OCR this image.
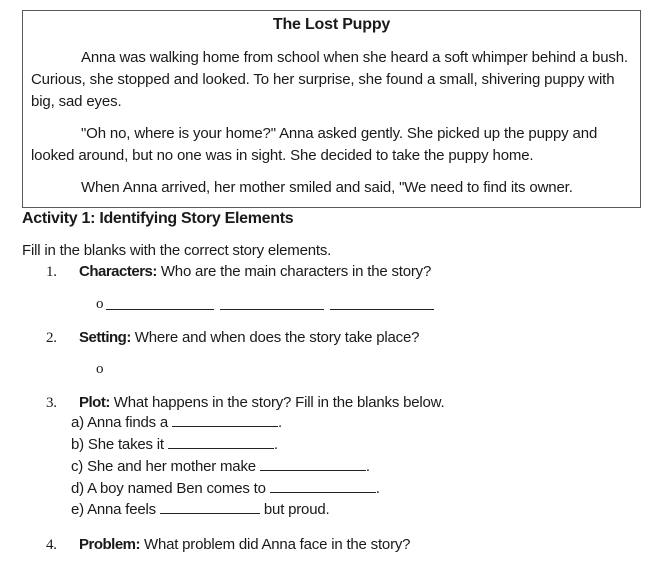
The Lost Puppy
Anna was walking home from school when she heard a soft whimper behind a bush. Curious, she stopped and looked. To her surprise, she found a small, shivering puppy with big, sad eyes.
"Oh no, where is your home?" Anna asked gently. She picked up the puppy and looked around, but no one was in sight. She decided to take the puppy home.
When Anna arrived, her mother smiled and said, "We need to find its owner.
Activity 1: Identifying Story Elements
Fill in the blanks with the correct story elements.
1. Characters: Who are the main characters in the story?
o
2. Setting: Where and when does the story take place?
o
3. Plot: What happens in the story? Fill in the blanks below.
a) Anna finds a	.
b) She takes it	.
c) She and her mother make	.
d) A boy named Ben comes to	.
e) Anna feels	but proud.
4. Problem: What problem did Anna face in the story?
